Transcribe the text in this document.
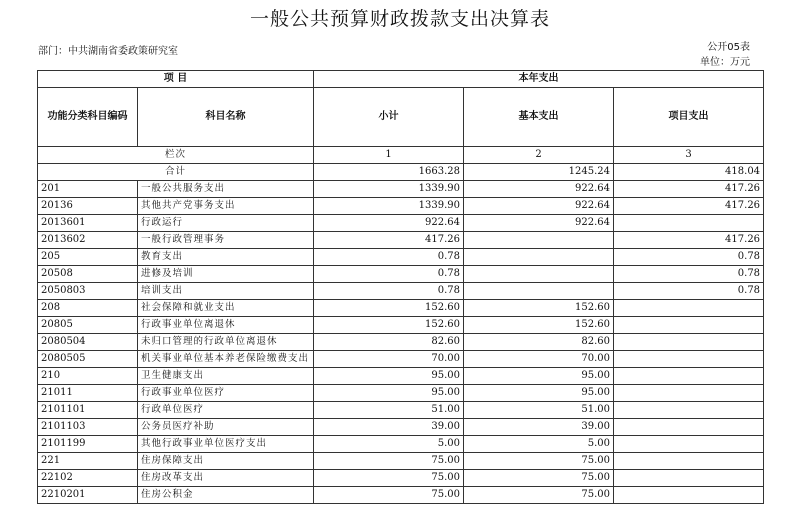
一般公共预算财政拨款支出决算表
部门：中共湖南省委政策研究室	公开05表
单位：万元
项 目		本年支出		
功能分类科目编码	科目名称	小计	基本支出	项目支出
栏次		1	2	3
合计		1663.28	1245.24	418.04
201	一般公共服务支出	1339.90	922.64	417.26
20136	其他共产党事务支出	1339.90	922.64	417.26
2013601	行政运行	922.64	922.64	
2013602	一般行政管理事务	417.26		417.26
205	教育支出	0.78		0.78
20508	进修及培训	0.78		0.78
2050803	培训支出	0.78		0.78
208	社会保障和就业支出	152.60	152.60	
20805	行政事业单位离退休	152.60	152.60	
2080504	未归口管理的行政单位离退休	82.60	82.60	
2080505	机关事业单位基本养老保险缴费支出	70.00	70.00	
210	卫生健康支出	95.00	95.00	
21011	行政事业单位医疗	95.00	95.00	
2101101	行政单位医疗	51.00	51.00	
2101103	公务员医疗补助	39.00	39.00	
2101199	其他行政事业单位医疗支出	5.00	5.00	
221	住房保障支出	75.00	75.00	
22102	住房改革支出	75.00	75.00	
2210201	住房公积金	75.00	75.00	
